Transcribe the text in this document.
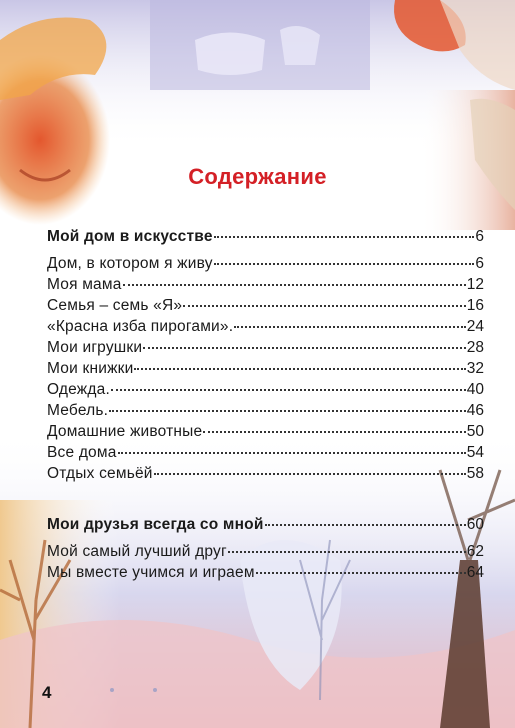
Содержание
Мой дом в искусстве	6
Дом, в котором я живу	6
Моя мама	12
Семья – семь «Я»	16
«Красна изба пирогами».	24
Мои игрушки	28
Мои книжки	32
Одежда.	40
Мебель.	46
Домашние животные	50
Все дома	54
Отдых семьёй	58
Мои друзья всегда со мной	60
Мой самый лучший друг	62
Мы вместе учимся и играем	64
4
